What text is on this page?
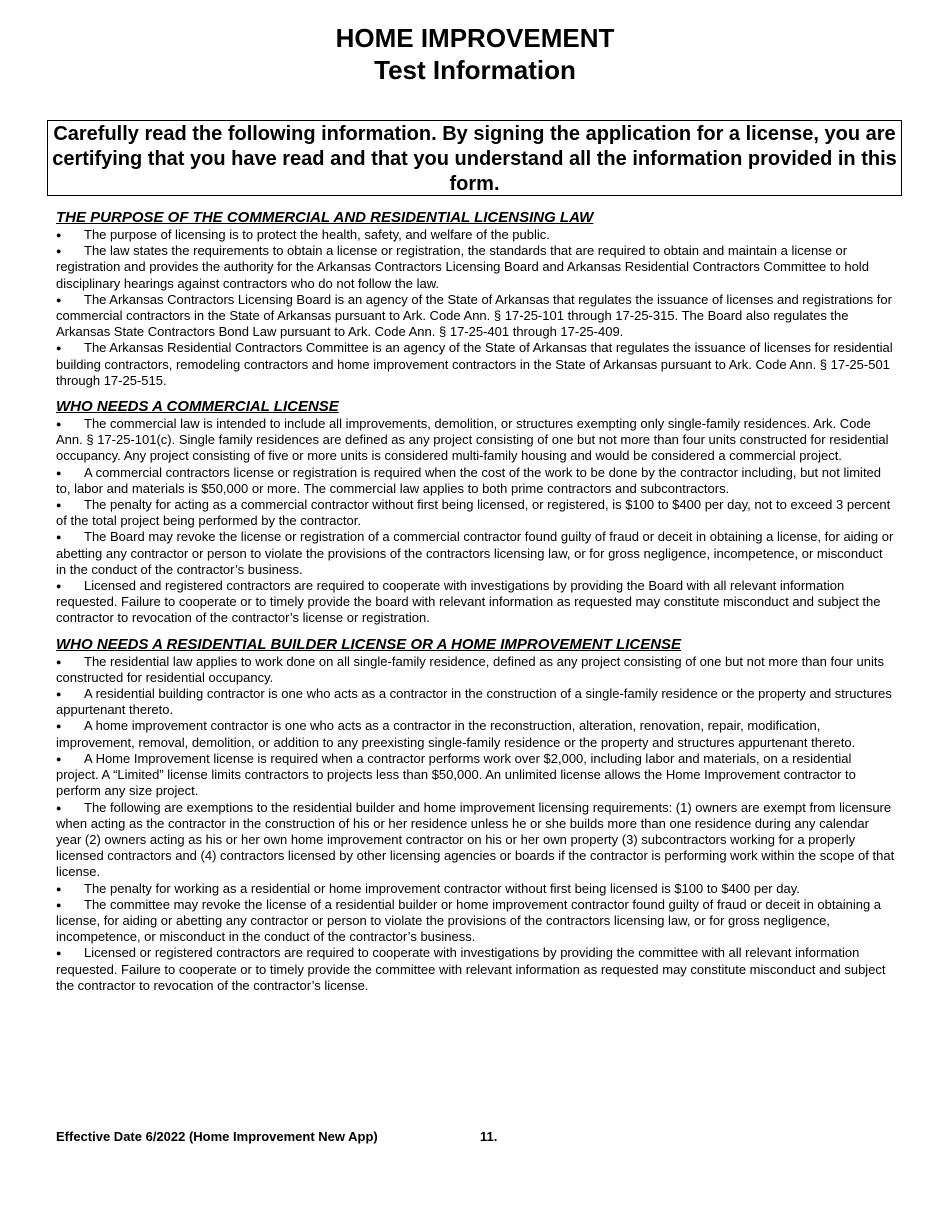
HOME IMPROVEMENT
Test Information
Carefully read the following information. By signing the application for a license, you are certifying that you have read and that you understand all the information provided in this form.

THE PURPOSE OF THE COMMERCIAL AND RESIDENTIAL LICENSING LAW

● The purpose of licensing is to protect the health, safety, and welfare of the public.

● The law states the requirements to obtain a license or registration, the standards that are required to obtain and maintain a license or registration and provides the authority for the Arkansas Contractors Licensing Board and Arkansas Residential Contractors Committee to hold disciplinary hearings against contractors who do not follow the law.

● The Arkansas Contractors Licensing Board is an agency of the State of Arkansas that regulates the issuance of licenses and registrations for commercial contractors in the State of Arkansas pursuant to Ark. Code Ann. § 17-25-101 through 17-25-315. The Board also regulates the Arkansas State Contractors Bond Law pursuant to Ark. Code Ann. § 17-25-401 through 17-25-409.

● The Arkansas Residential Contractors Committee is an agency of the State of Arkansas that regulates the issuance of licenses for residential building contractors, remodeling contractors and home improvement contractors in the State of Arkansas pursuant to Ark. Code Ann. § 17-25-501 through 17-25-515.

WHO NEEDS A COMMERCIAL LICENSE

● The commercial law is intended to include all improvements, demolition, or structures exempting only single-family residences. Ark. Code Ann. § 17-25-101(c). Single family residences are defined as any project consisting of one but not more than four units constructed for residential occupancy. Any project consisting of five or more units is considered multi-family housing and would be considered a commercial project.

● A commercial contractors license or registration is required when the cost of the work to be done by the contractor including, but not limited to, labor and materials is $50,000 or more. The commercial law applies to both prime contractors and subcontractors.

● The penalty for acting as a commercial contractor without first being licensed, or registered, is $100 to $400 per day, not to exceed 3 percent of the total project being performed by the contractor.

● The Board may revoke the license or registration of a commercial contractor found guilty of fraud or deceit in obtaining a license, for aiding or abetting any contractor or person to violate the provisions of the contractors licensing law, or for gross negligence, incompetence, or misconduct in the conduct of the contractor’s business.

● Licensed and registered contractors are required to cooperate with investigations by providing the Board with all relevant information requested. Failure to cooperate or to timely provide the board with relevant information as requested may constitute misconduct and subject the contractor to revocation of the contractor’s license or registration.

WHO NEEDS A RESIDENTIAL BUILDER LICENSE OR A HOME IMPROVEMENT LICENSE

● The residential law applies to work done on all single-family residence, defined as any project consisting of one but not more than four units constructed for residential occupancy.

● A residential building contractor is one who acts as a contractor in the construction of a single-family residence or the property and structures appurtenant thereto.

● A home improvement contractor is one who acts as a contractor in the reconstruction, alteration, renovation, repair, modification, improvement, removal, demolition, or addition to any preexisting single-family residence or the property and structures appurtenant thereto.

● A Home Improvement license is required when a contractor performs work over $2,000, including labor and materials, on a residential project. A “Limited” license limits contractors to projects less than $50,000. An unlimited license allows the Home Improvement contractor to perform any size project.

● The following are exemptions to the residential builder and home improvement licensing requirements: (1) owners are exempt from licensure when acting as the contractor in the construction of his or her residence unless he or she builds more than one residence during any calendar year (2) owners acting as his or her own home improvement contractor on his or her own property (3) subcontractors working for a properly licensed contractors and (4) contractors licensed by other licensing agencies or boards if the contractor is performing work within the scope of that license.

● The penalty for working as a residential or home improvement contractor without first being licensed is $100 to $400 per day.

● The committee may revoke the license of a residential builder or home improvement contractor found guilty of fraud or deceit in obtaining a license, for aiding or abetting any contractor or person to violate the provisions of the contractors licensing law, or for gross negligence, incompetence, or misconduct in the conduct of the contractor’s business.

● Licensed or registered contractors are required to cooperate with investigations by providing the committee with all relevant information requested. Failure to cooperate or to timely provide the committee with relevant information as requested may constitute misconduct and subject the contractor to revocation of the contractor’s license.

Effective Date 6/2022 (Home Improvement New App)	11.
